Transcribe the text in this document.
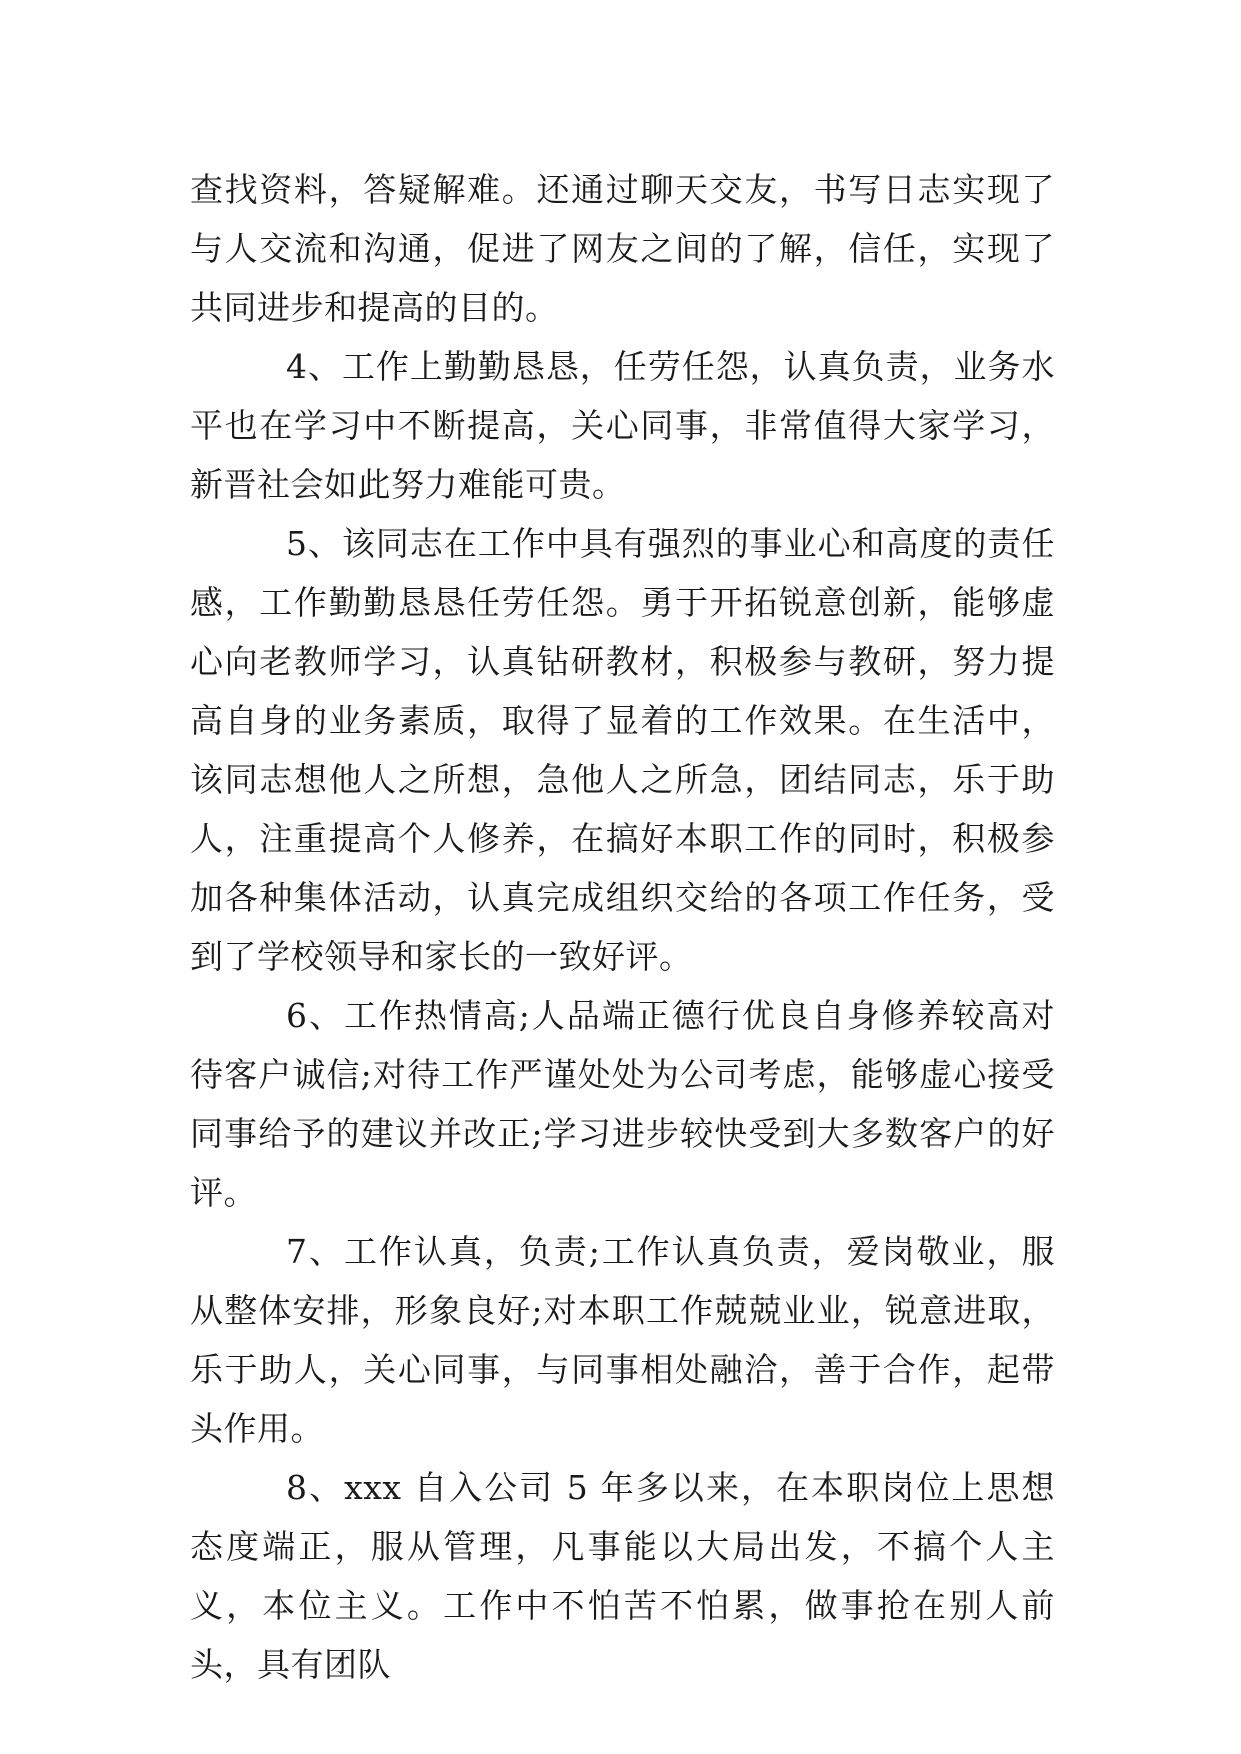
查找资料，答疑解难。还通过聊天交友，书写日志实现了与人交流和沟通，促进了网友之间的了解，信任，实现了共同进步和提高的目的。

4、工作上勤勤恳恳，任劳任怨，认真负责，业务水平也在学习中不断提高，关心同事，非常值得大家学习，新晋社会如此努力难能可贵。

5、该同志在工作中具有强烈的事业心和高度的责任感，工作勤勤恳恳任劳任怨。勇于开拓锐意创新，能够虚心向老教师学习，认真钻研教材，积极参与教研，努力提高自身的业务素质，取得了显着的工作效果。在生活中，该同志想他人之所想，急他人之所急，团结同志，乐于助人，注重提高个人修养，在搞好本职工作的同时，积极参加各种集体活动，认真完成组织交给的各项工作任务，受到了学校领导和家长的一致好评。

6、工作热情高;人品端正德行优良自身修养较高对待客户诚信;对待工作严谨处处为公司考虑，能够虚心接受同事给予的建议并改正;学习进步较快受到大多数客户的好评。

7、工作认真，负责;工作认真负责，爱岗敬业，服从整体安排，形象良好;对本职工作兢兢业业，锐意进取，乐于助人，关心同事，与同事相处融洽，善于合作，起带头作用。

8、xxx 自入公司 5 年多以来，在本职岗位上思想态度端正，服从管理，凡事能以大局出发，不搞个人主义，本位主义。工作中不怕苦不怕累，做事抢在别人前头，具有团队
